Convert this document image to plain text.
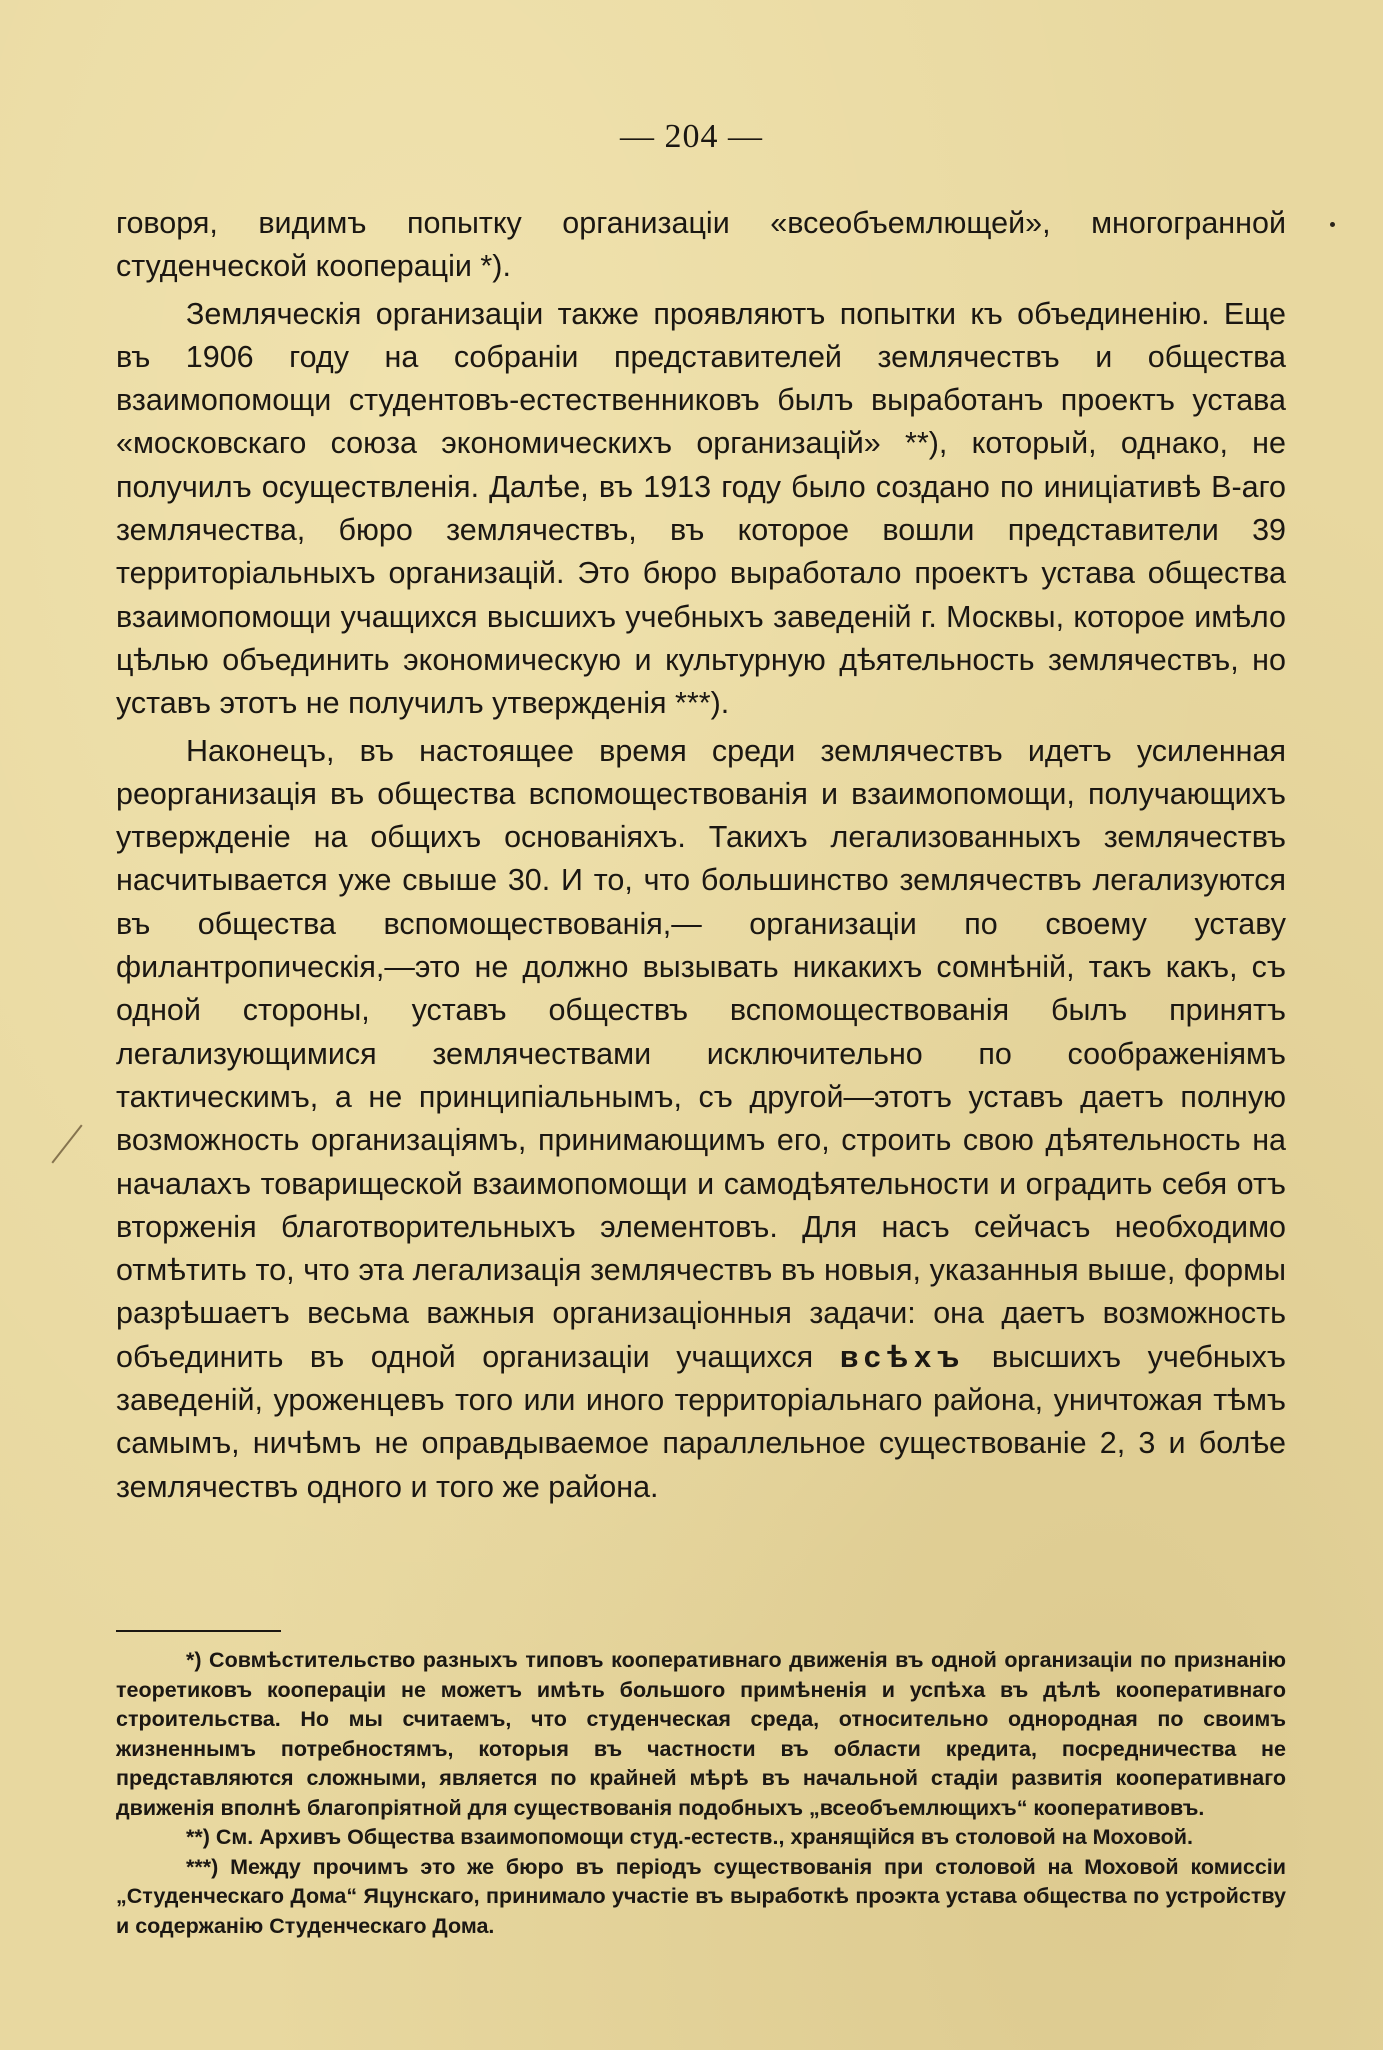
— 204 —

говоря, видимъ попытку организаціи «всеобъемлющей», многогранной студенческой коопераціи *).

Земляческія организаціи также проявляютъ попытки къ объединенію. Еще въ 1906 году на собраніи представителей землячествъ и общества взаимопомощи студентовъ-естественниковъ былъ выработанъ проектъ устава «московскаго союза экономическихъ организацій» **), который, однако, не получилъ осуществленія. Далѣе, въ 1913 году было создано по иниціативѣ В-аго землячества, бюро землячествъ, въ которое вошли представители 39 территоріальныхъ организацій. Это бюро выработало проектъ устава общества взаимопомощи учащихся высшихъ учебныхъ заведеній г. Москвы, которое имѣло цѣлью объединить экономическую и культурную дѣятельность землячествъ, но уставъ этотъ не получилъ утвержденія ***).

Наконецъ, въ настоящее время среди землячествъ идетъ усиленная реорганизація въ общества вспомоществованія и взаимопомощи, получающихъ утвержденіе на общихъ основаніяхъ. Такихъ легализованныхъ землячествъ насчитывается уже свыше 30. И то, что большинство землячествъ легализуются въ общества вспомоществованія,— организаціи по своему уставу филантропическія,—это не должно вызывать никакихъ сомнѣній, такъ какъ, съ одной стороны, уставъ обществъ вспомоществованія былъ принятъ легализующимися землячествами исключительно по соображеніямъ тактическимъ, а не принципіальнымъ, съ другой—этотъ уставъ даетъ полную возможность организаціямъ, принимающимъ его, строить свою дѣятельность на началахъ товарищеской взаимопомощи и самодѣятельности и оградить себя отъ вторженія благотворительныхъ элементовъ. Для насъ сейчасъ необходимо отмѣтить то, что эта легализація землячествъ въ новыя, указанныя выше, формы разрѣшаетъ весьма важныя организаціонныя задачи: она даетъ возможность объединить въ одной организаціи учащихся всѣхъ высшихъ учебныхъ заведеній, уроженцевъ того или иного территоріальнаго района, уничтожая тѣмъ самымъ, ничѣмъ не оправдываемое параллельное существованіе 2, 3 и болѣе землячествъ одного и того же района.

*) Совмѣстительство разныхъ типовъ кооперативнаго движенія въ одной организаціи по признанію теоретиковъ коопераціи не можетъ имѣть большого примѣненія и успѣха въ дѣлѣ кооперативнаго строительства. Но мы считаемъ, что студенческая среда, относительно однородная по своимъ жизненнымъ потребностямъ, которыя въ частности въ области кредита, посредничества не представляются сложными, является по крайней мѣрѣ въ начальной стадіи развитія кооперативнаго движенія вполнѣ благопріятной для существованія подобныхъ „всеобъемлющихъ“ кооперативовъ.

**) См. Архивъ Общества взаимопомощи студ.-естеств., хранящійся въ столовой на Моховой.

***) Между прочимъ это же бюро въ періодъ существованія при столовой на Моховой комиссіи „Студенческаго Дома“ Яцунскаго, принимало участіе въ выработкѣ проэкта устава общества по устройству и содержанію Студенческаго Дома.
